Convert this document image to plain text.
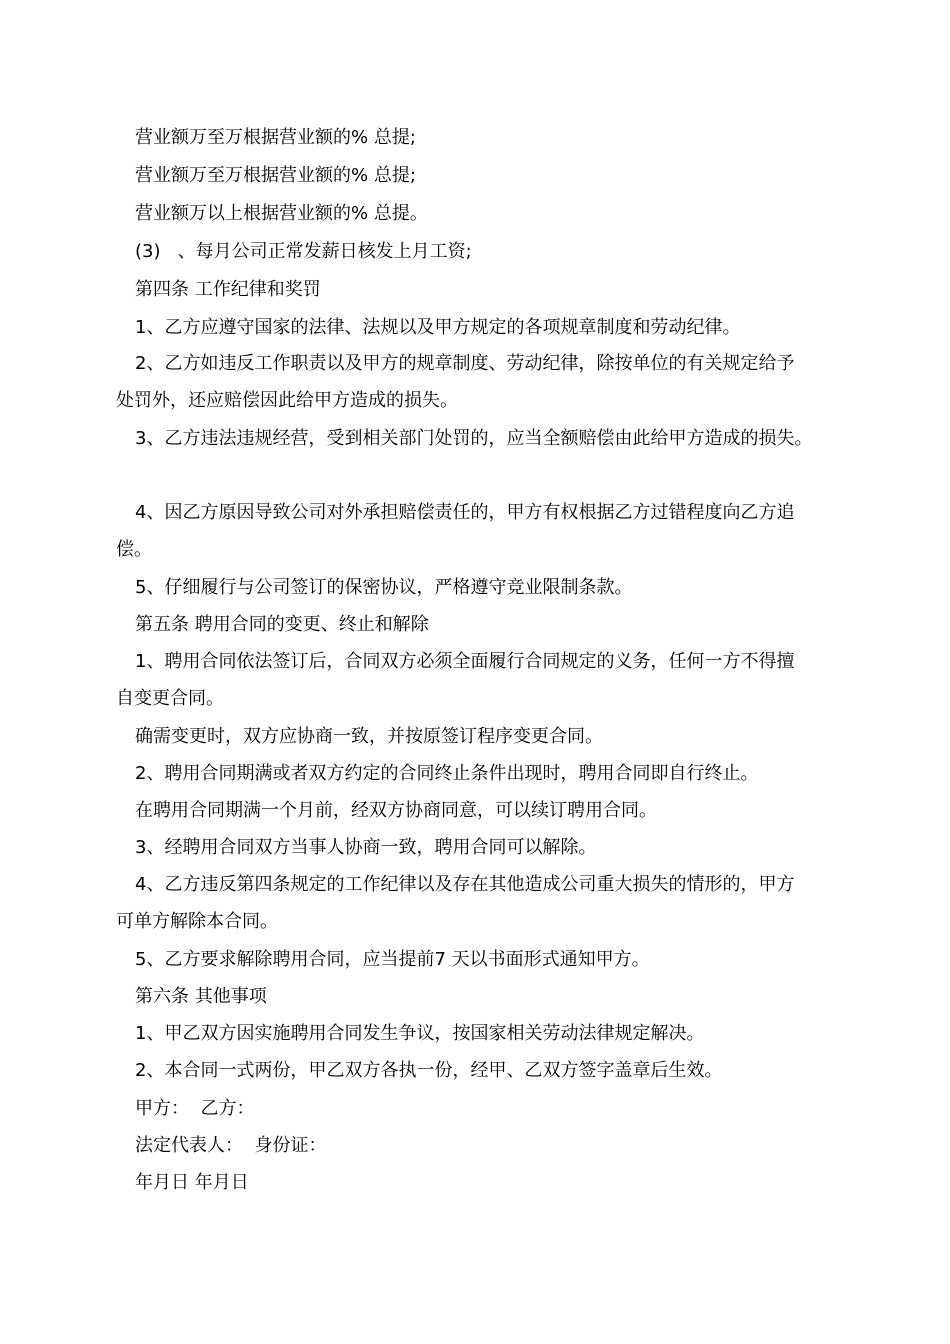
营业额万至万根据营业额的% 总提;
营业额万至万根据营业额的% 总提;
营业额万以上根据营业额的% 总提。
(3)   、每月公司正常发薪日核发上月工资;
第四条 工作纪律和奖罚
1、乙方应遵守国家的法律、法规以及甲方规定的各项规章制度和劳动纪律。
2、乙方如违反工作职责以及甲方的规章制度、劳动纪律，除按单位的有关规定给予
处罚外，还应赔偿因此给甲方造成的损失。
3、乙方违法违规经营，受到相关部门处罚的，应当全额赔偿由此给甲方造成的损失。
4、因乙方原因导致公司对外承担赔偿责任的，甲方有权根据乙方过错程度向乙方追
偿。
5、仔细履行与公司签订的保密协议，严格遵守竞业限制条款。
第五条 聘用合同的变更、终止和解除
1、聘用合同依法签订后，合同双方必须全面履行合同规定的义务，任何一方不得擅
自变更合同。
确需变更时，双方应协商一致，并按原签订程序变更合同。
2、聘用合同期满或者双方约定的合同终止条件出现时，聘用合同即自行终止。
在聘用合同期满一个月前，经双方协商同意，可以续订聘用合同。
3、经聘用合同双方当事人协商一致，聘用合同可以解除。
4、乙方违反第四条规定的工作纪律以及存在其他造成公司重大损失的情形的，甲方
可单方解除本合同。
5、乙方要求解除聘用合同，应当提前7 天以书面形式通知甲方。
第六条 其他事项
1、甲乙双方因实施聘用合同发生争议，按国家相关劳动法律规定解决。
2、本合同一式两份，甲乙双方各执一份，经甲、乙双方签字盖章后生效。
甲方：  乙方：
法定代表人：  身份证：
年月日 年月日
